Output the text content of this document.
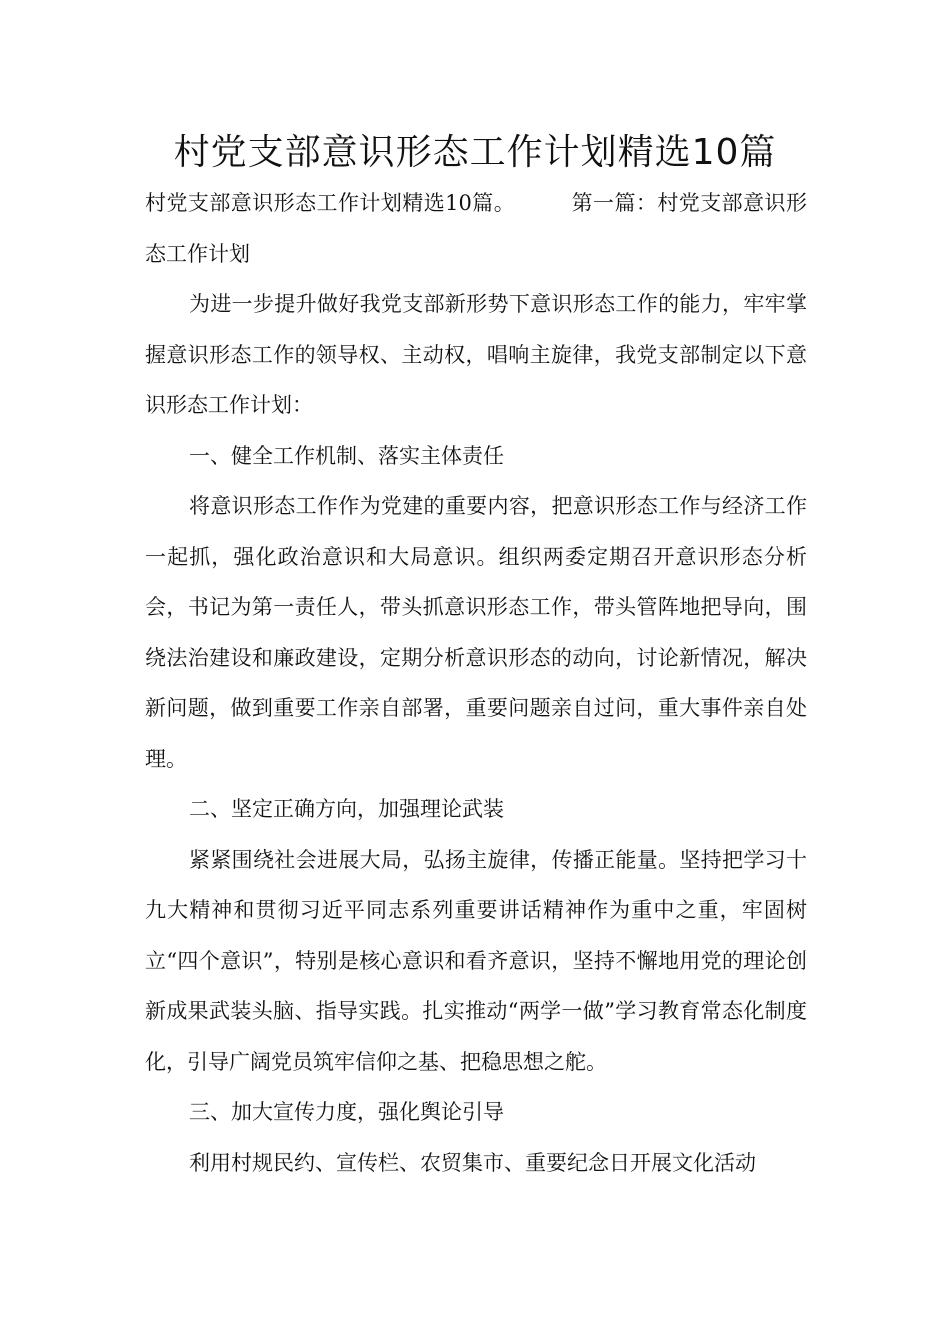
村党支部意识形态工作计划精选10篇

村党支部意识形态工作计划精选10篇。	第一篇：村党支部意识形态工作计划

为进一步提升做好我党支部新形势下意识形态工作的能力，牢牢掌握意识形态工作的领导权、主动权，唱响主旋律，我党支部制定以下意识形态工作计划：

一、健全工作机制、落实主体责任

将意识形态工作作为党建的重要内容，把意识形态工作与经济工作一起抓，强化政治意识和大局意识。组织两委定期召开意识形态分析会，书记为第一责任人，带头抓意识形态工作，带头管阵地把导向，围绕法治建设和廉政建设，定期分析意识形态的动向，讨论新情况，解决新问题，做到重要工作亲自部署，重要问题亲自过问，重大事件亲自处理。

二、坚定正确方向，加强理论武装

紧紧围绕社会进展大局，弘扬主旋律，传播正能量。坚持把学习十九大精神和贯彻习近平同志系列重要讲话精神作为重中之重，牢固树立“四个意识”，特别是核心意识和看齐意识，坚持不懈地用党的理论创新成果武装头脑、指导实践。扎实推动“两学一做”学习教育常态化制度化，引导广阔党员筑牢信仰之基、把稳思想之舵。

三、加大宣传力度，强化舆论引导

利用村规民约、宣传栏、农贸集市、重要纪念日开展文化活动
